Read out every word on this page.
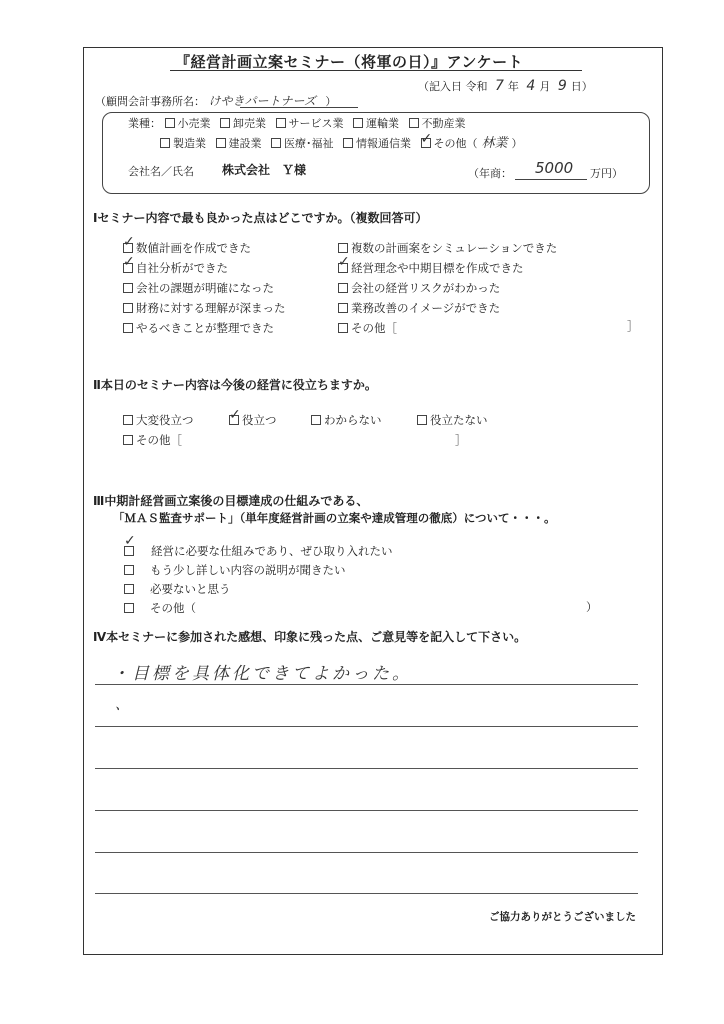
『経営計画立案セミナー（将軍の日）』アンケート
（記入日 令和 7 年 4 月 9 日）
（顧問会計事務所名： けやきパートナーズ ）
業種： 小売業 卸売業 サービス業 運輸業 不動産業
製造業 建設業 医療･福祉 情報通信業 ✓ その他（ 林業 ）
会社名／氏名 株式会社　Ｙ様	（年商： 5000 万円）
Ⅰセミナー内容で最も良かった点はどこですか。（複数回答可）
✓ 数値計画を作成できた
✓ 自社分析ができた
会社の課題が明確になった
財務に対する理解が深まった
やるべきことが整理できた
複数の計画案をシミュレーションできた
✓ 経営理念や中期目標を作成できた
会社の経営リスクがわかった
業務改善のイメージができた
その他［	］
Ⅱ本日のセミナー内容は今後の経営に役立ちますか。
大変役立つ	✓ 役立つ	わからない	役立たない
その他［	］
Ⅲ中期計経営画立案後の目標達成の仕組みである、
「ＭＡＳ監査サポート」（単年度経営計画の立案や達成管理の徹底）について・・・。
✓
経営に必要な仕組みであり、ぜひ取り入れたい
もう少し詳しい内容の説明が聞きたい
必要ないと思う
その他（	）
Ⅳ本セミナーに参加された感想、印象に残った点、ご意見等を記入して下さい。
・目標を具体化できてよかった。
、
ご協力ありがとうございました
